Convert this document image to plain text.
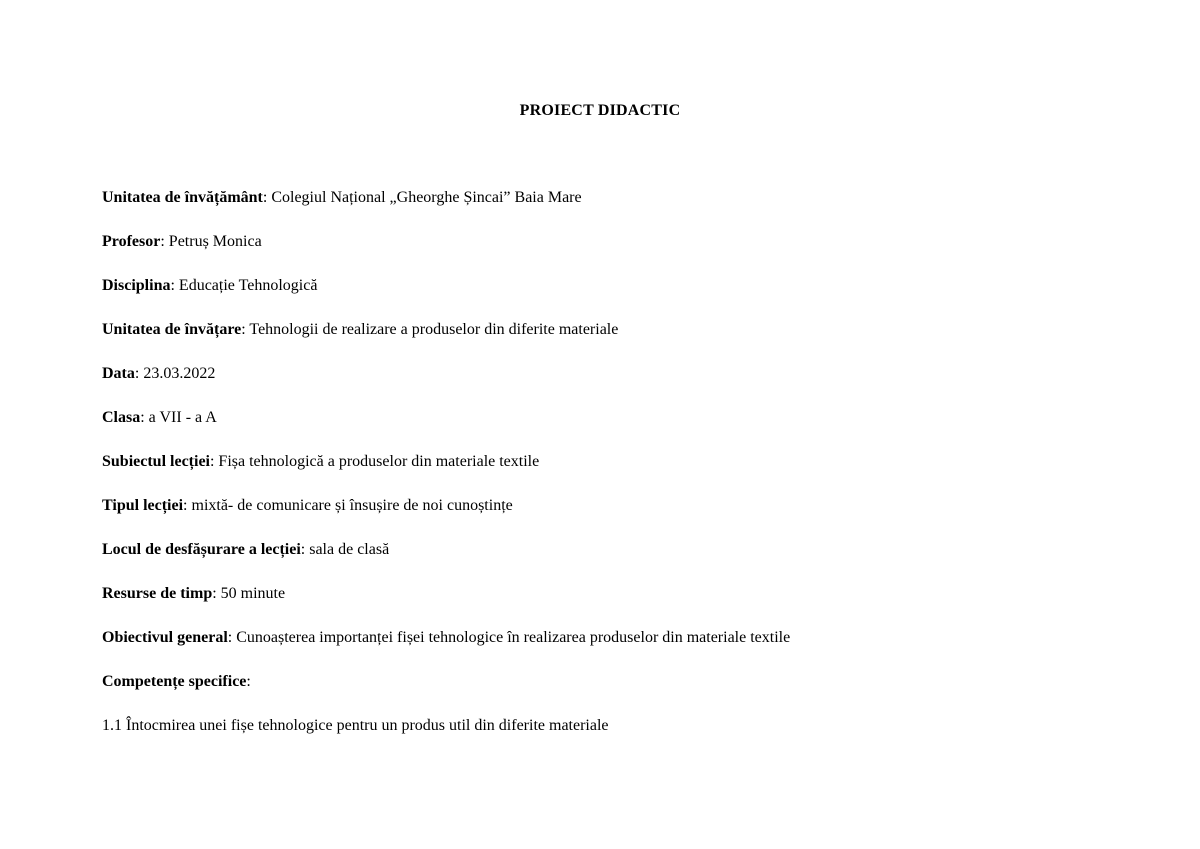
PROIECT DIDACTIC
Unitatea de învățământ: Colegiul Național „Gheorghe Șincai” Baia Mare
Profesor: Petruș Monica
Disciplina: Educație Tehnologică
Unitatea de învățare: Tehnologii de realizare a produselor din diferite materiale
Data: 23.03.2022
Clasa: a VII - a A
Subiectul lecției: Fișa tehnologică a produselor din materiale textile
Tipul lecției: mixtă- de comunicare și însușire de noi cunoștințe
Locul de desfășurare a lecției: sala de clasă
Resurse de timp: 50 minute
Obiectivul general: Cunoașterea importanței fișei tehnologice în realizarea produselor din materiale textile
Competențe specifice:
1.1 Întocmirea unei fișe tehnologice pentru un produs util din diferite materiale
